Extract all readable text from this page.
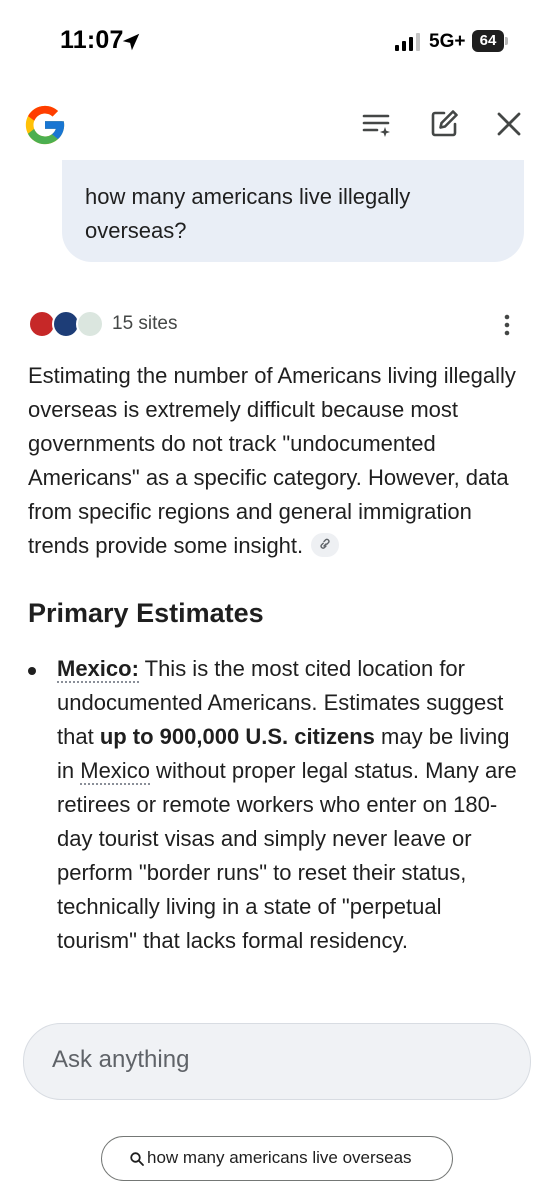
11:07	5G+ 64
how many americans live illegally overseas?
15 sites
Estimating the number of Americans living illegally overseas is extremely difficult because most governments do not track "undocumented Americans" as a specific category. However, data from specific regions and general immigration trends provide some insight.
Primary Estimates
Mexico: This is the most cited location for undocumented Americans. Estimates suggest that up to 900,000 U.S. citizens may be living in Mexico without proper legal status. Many are retirees or remote workers who enter on 180-day tourist visas and simply never leave or perform "border runs" to reset their status, technically living in a state of "perpetual tourism" that lacks formal residency.
Ask anything
how many americans live overseas
